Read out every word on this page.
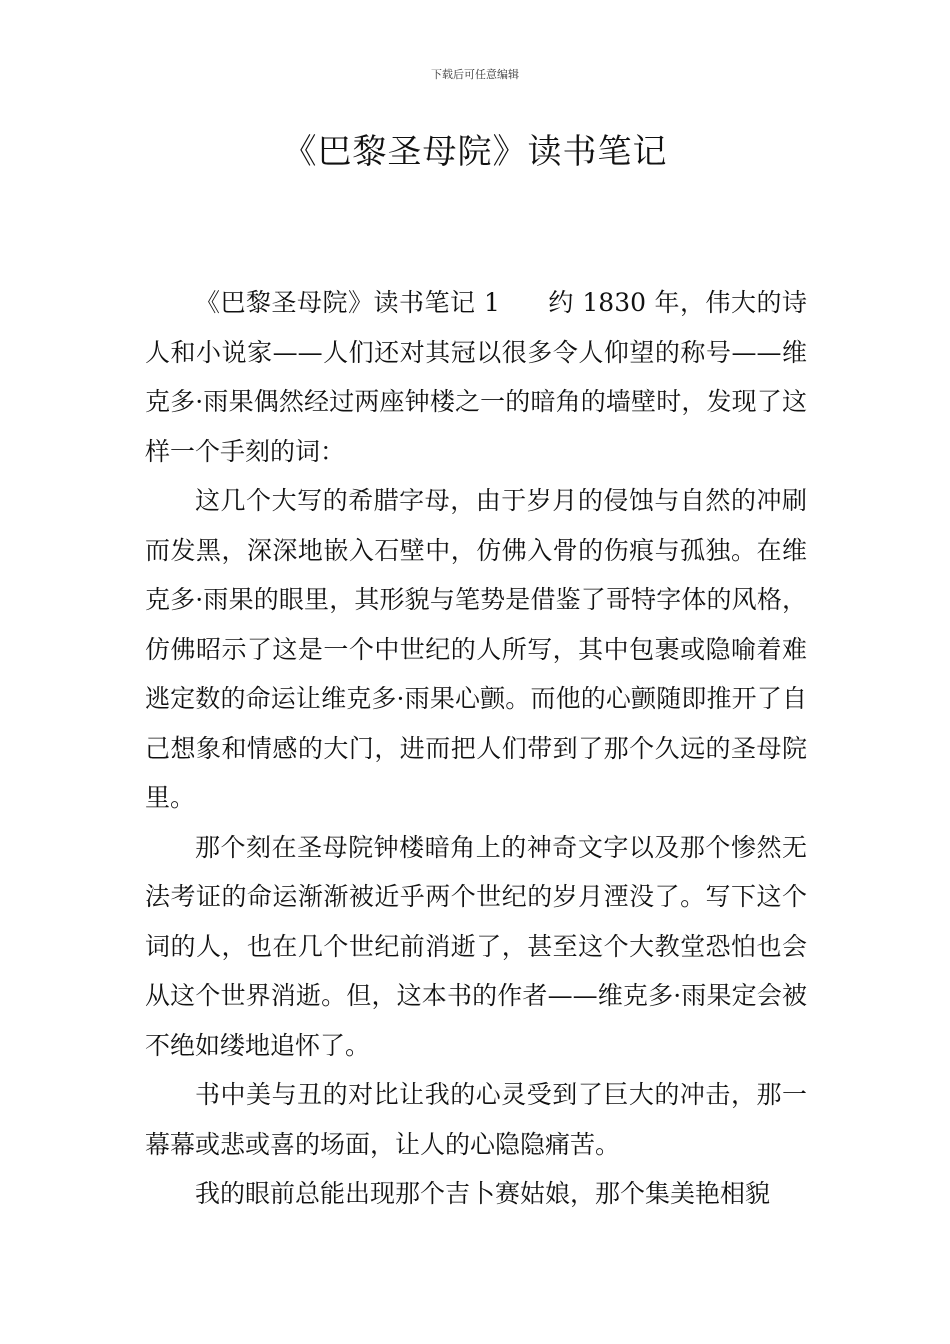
下载后可任意编辑
《巴黎圣母院》读书笔记

《巴黎圣母院》读书笔记 1 约 1830 年，伟大的诗人和小说家——人们还对其冠以很多令人仰望的称号——维克多·雨果偶然经过两座钟楼之一的暗角的墙壁时，发现了这样一个手刻的词：

这几个大写的希腊字母，由于岁月的侵蚀与自然的冲刷而发黑，深深地嵌入石壁中，仿佛入骨的伤痕与孤独。在维克多·雨果的眼里，其形貌与笔势是借鉴了哥特字体的风格，仿佛昭示了这是一个中世纪的人所写，其中包裹或隐喻着难逃定数的命运让维克多·雨果心颤。而他的心颤随即推开了自己想象和情感的大门，进而把人们带到了那个久远的圣母院里。

那个刻在圣母院钟楼暗角上的神奇文字以及那个惨然无法考证的命运渐渐被近乎两个世纪的岁月湮没了。写下这个词的人，也在几个世纪前消逝了，甚至这个大教堂恐怕也会从这个世界消逝。但，这本书的作者——维克多·雨果定会被不绝如缕地追怀了。

书中美与丑的对比让我的心灵受到了巨大的冲击，那一幕幕或悲或喜的场面，让人的心隐隐痛苦。

我的眼前总能出现那个吉卜赛姑娘，那个集美艳相貌
